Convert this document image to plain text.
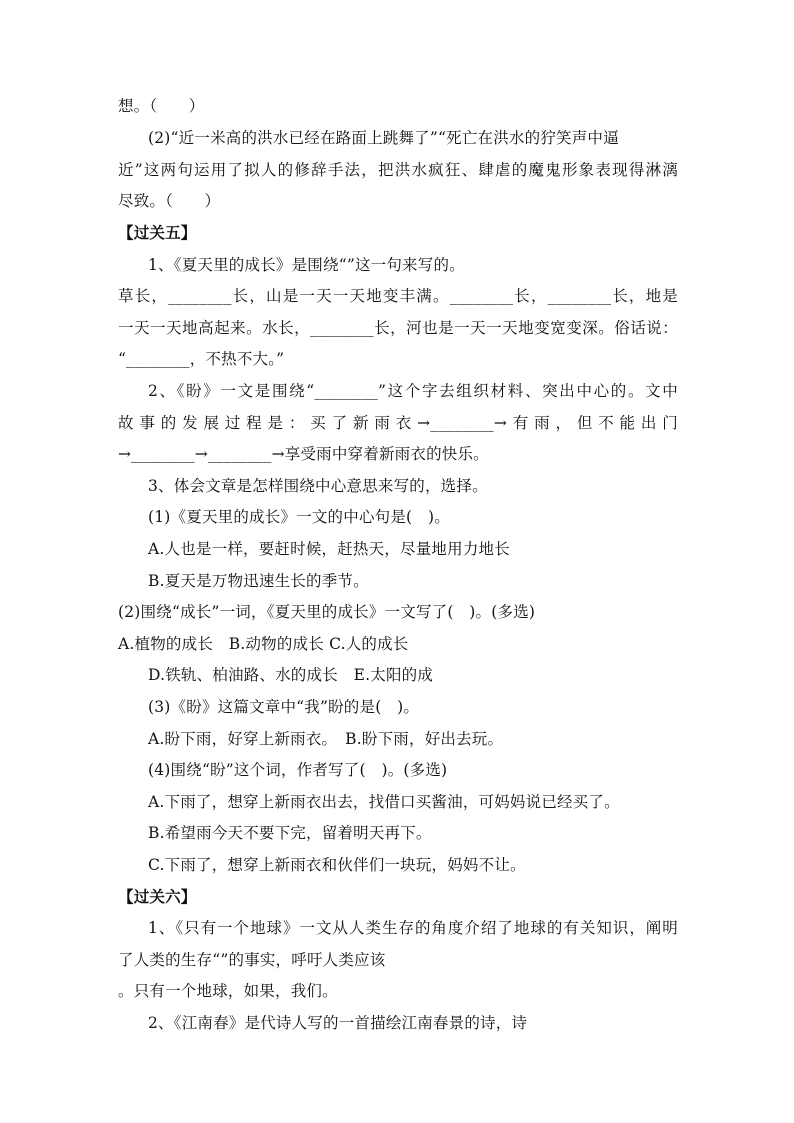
想。（　　）
(2)“近一米高的洪水已经在路面上跳舞了”“死亡在洪水的狞笑声中逼
近”这两句运用了拟人的修辞手法，把洪水疯狂、肆虐的魔鬼形象表现得淋漓
尽致。（　　）
【过关五】
1、《夏天里的成长》是围绕“”这一句来写的。
草长，________长，山是一天一天地变丰满。________长，________长，地是
一天一天地高起来。水长，________长，河也是一天一天地变宽变深。俗话说：
“________，不热不大。”
2、《盼》一文是围绕“________”这个字去组织材料、突出中心的。文中
故事的发展过程是：买了新雨衣→________→有雨，但不能出门
→________→________→享受雨中穿着新雨衣的快乐。
3、体会文章是怎样围绕中心意思来写的，选择。
(1)《夏天里的成长》一文的中心句是(　)。
A.人也是一样，要赶时候，赶热天，尽量地用力地长
B.夏天是万物迅速生长的季节。
(2)围绕“成长”一词，《夏天里的成长》一文写了(　)。(多选)
A.植物的成长　B.动物的成长 C.人的成长
D.铁轨、柏油路、水的成长　E.太阳的成
(3)《盼》这篇文章中“我”盼的是(　)。
A.盼下雨，好穿上新雨衣。　B.盼下雨，好出去玩。
(4)围绕“盼”这个词，作者写了(　)。(多选)
A.下雨了，想穿上新雨衣出去，找借口买酱油，可妈妈说已经买了。
B.希望雨今天不要下完，留着明天再下。
C.下雨了，想穿上新雨衣和伙伴们一块玩，妈妈不让。
【过关六】
1、《只有一个地球》一文从人类生存的角度介绍了地球的有关知识，阐明
了人类的生存“”的事实，呼吁人类应该
。只有一个地球，如果，我们。
2、《江南春》是代诗人写的一首描绘江南春景的诗，诗
